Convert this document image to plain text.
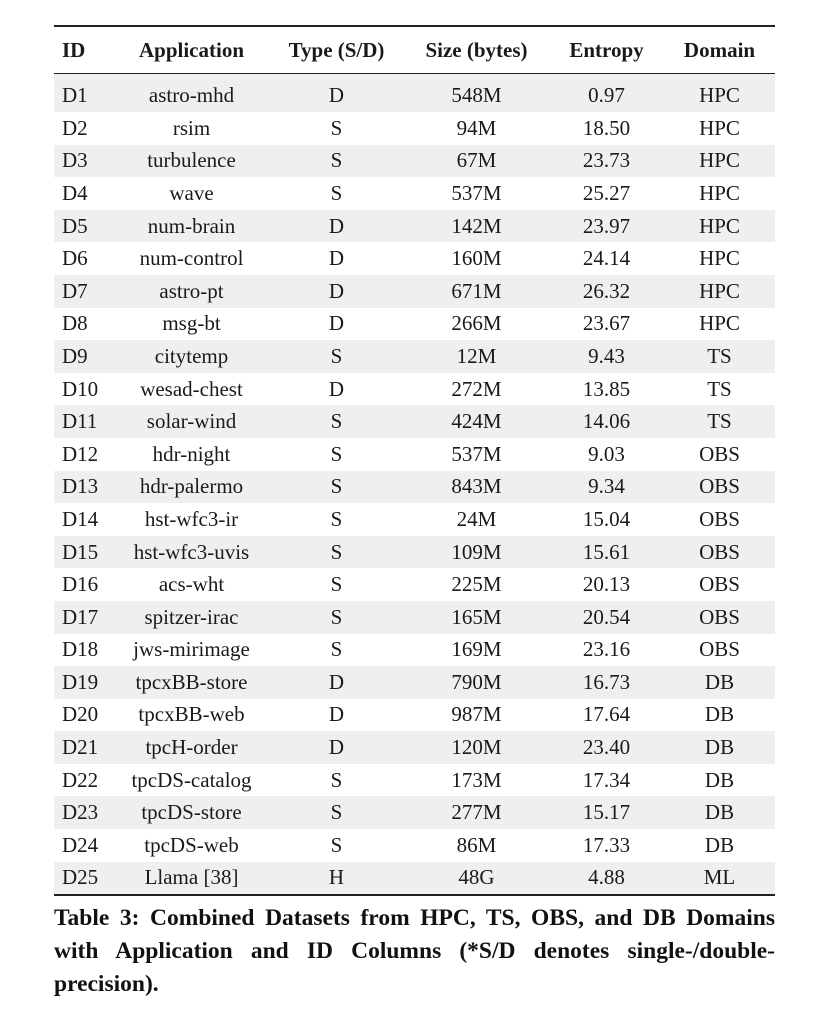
ID	Application	Type (S/D)	Size (bytes)	Entropy	Domain
D1	astro-mhd	D	548M	0.97	HPC
D2	rsim	S	94M	18.50	HPC
D3	turbulence	S	67M	23.73	HPC
D4	wave	S	537M	25.27	HPC
D5	num-brain	D	142M	23.97	HPC
D6	num-control	D	160M	24.14	HPC
D7	astro-pt	D	671M	26.32	HPC
D8	msg-bt	D	266M	23.67	HPC
D9	citytemp	S	12M	9.43	TS
D10	wesad-chest	D	272M	13.85	TS
D11	solar-wind	S	424M	14.06	TS
D12	hdr-night	S	537M	9.03	OBS
D13	hdr-palermo	S	843M	9.34	OBS
D14	hst-wfc3-ir	S	24M	15.04	OBS
D15	hst-wfc3-uvis	S	109M	15.61	OBS
D16	acs-wht	S	225M	20.13	OBS
D17	spitzer-irac	S	165M	20.54	OBS
D18	jws-mirimage	S	169M	23.16	OBS
D19	tpcxBB-store	D	790M	16.73	DB
D20	tpcxBB-web	D	987M	17.64	DB
D21	tpcH-order	D	120M	23.40	DB
D22	tpcDS-catalog	S	173M	17.34	DB
D23	tpcDS-store	S	277M	15.17	DB
D24	tpcDS-web	S	86M	17.33	DB
D25	Llama [38]	H	48G	4.88	ML
Table 3: Combined Datasets from HPC, TS, OBS, and DB Domains with Application and ID Columns (*S/D denotes single-/double-precision).
